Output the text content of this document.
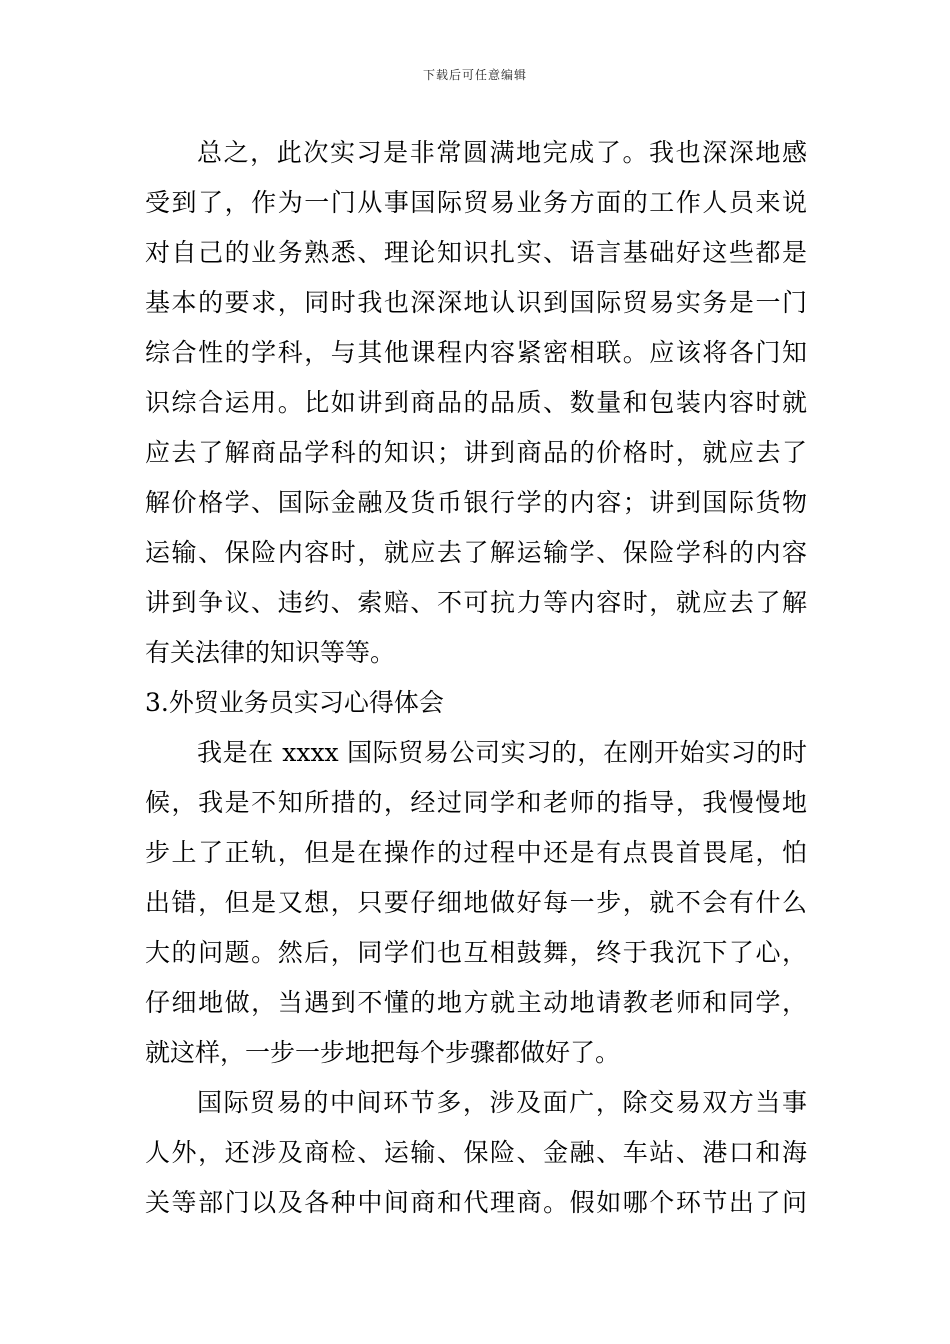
下载后可任意编辑
总之，此次实习是非常圆满地完成了。我也深深地感
受到了，作为一门从事国际贸易业务方面的工作人员来说
对自己的业务熟悉、理论知识扎实、语言基础好这些都是
基本的要求，同时我也深深地认识到国际贸易实务是一门
综合性的学科，与其他课程内容紧密相联。应该将各门知
识综合运用。比如讲到商品的品质、数量和包装内容时就
应去了解商品学科的知识；讲到商品的价格时，就应去了
解价格学、国际金融及货币银行学的内容；讲到国际货物
运输、保险内容时，就应去了解运输学、保险学科的内容
讲到争议、违约、索赔、不可抗力等内容时，就应去了解
有关法律的知识等等。
3.外贸业务员实习心得体会
我是在 xxxx 国际贸易公司实习的，在刚开始实习的时
候，我是不知所措的，经过同学和老师的指导，我慢慢地
步上了正轨，但是在操作的过程中还是有点畏首畏尾，怕
出错，但是又想，只要仔细地做好每一步，就不会有什么
大的问题。然后，同学们也互相鼓舞，终于我沉下了心，
仔细地做，当遇到不懂的地方就主动地请教老师和同学，
就这样，一步一步地把每个步骤都做好了。
国际贸易的中间环节多，涉及面广，除交易双方当事
人外，还涉及商检、运输、保险、金融、车站、港口和海
关等部门以及各种中间商和代理商。假如哪个环节出了问
